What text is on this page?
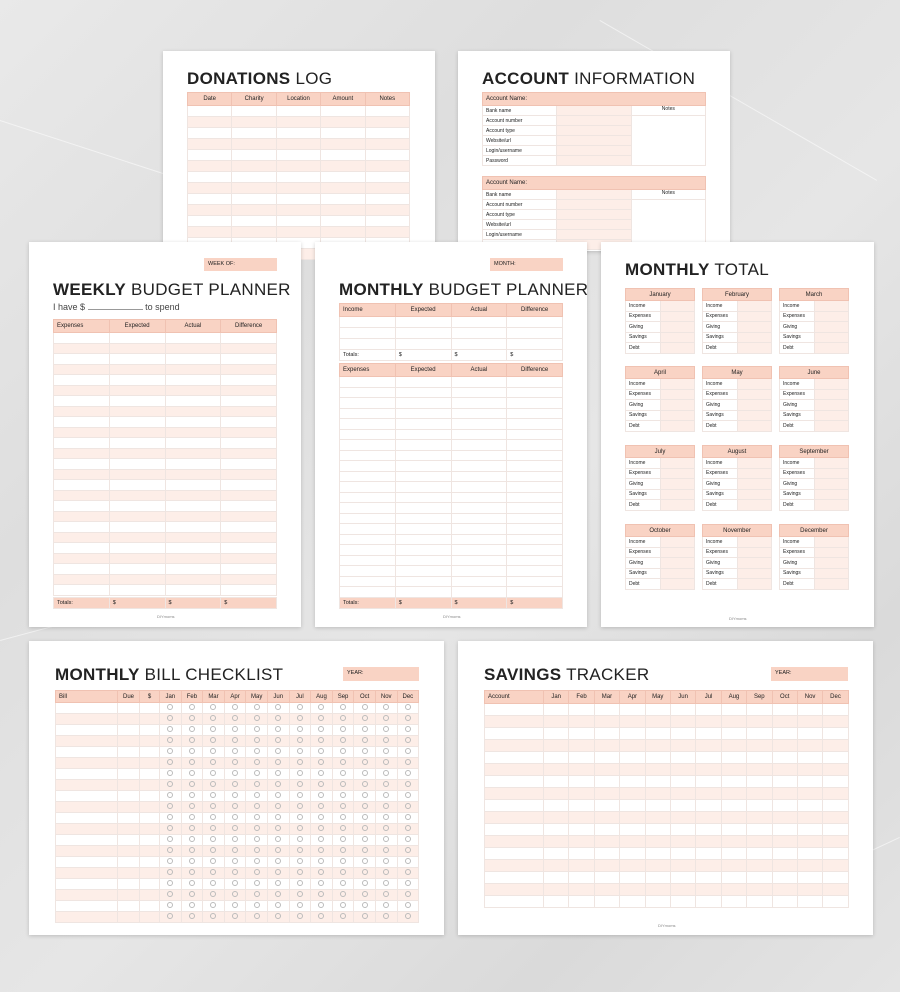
DONATIONS LOG
Date	Charity	Location	Amount	Notes

ACCOUNT INFORMATION
Account Name:		
Bank name		Notes
Account number		
Account type		
Website/url		
Login/username		
Password		
Account Name:		
Bank name		Notes
Account number		
Account type		
Website/url		
Login/username		

WEEK OF:
WEEKLY BUDGET PLANNER
I have $	to spend
Expenses	Expected	Actual	Difference

Totals:	$	$	$
DIYmoms
MONTH:
MONTHLY BUDGET PLANNER
Income	Expected	Actual	Difference

Totals:	$	$	$
Expenses	Expected	Actual	Difference

Totals:	$	$	$
DIYmoms
MONTHLY TOTAL
January	
Income	
Expenses	
Giving	
Savings	
Debt	
February	
Income	
Expenses	
Giving	
Savings	
Debt	
March	
Income	
Expenses	
Giving	
Savings	
Debt	
April	
Income	
Expenses	
Giving	
Savings	
Debt	
May	
Income	
Expenses	
Giving	
Savings	
Debt	
June	
Income	
Expenses	
Giving	
Savings	
Debt	
July	
Income	
Expenses	
Giving	
Savings	
Debt	
August	
Income	
Expenses	
Giving	
Savings	
Debt	
September	
Income	
Expenses	
Giving	
Savings	
Debt	
October	
Income	
Expenses	
Giving	
Savings	
Debt	
November	
Income	
Expenses	
Giving	
Savings	
Debt	
December	
Income	
Expenses	
Giving	
Savings	
Debt	
DIYmoms
MONTHLY BILL CHECKLIST	YEAR:
Bill	Due	$	Jan	Feb	Mar	Apr	May	Jun	Jul	Aug	Sep	Oct	Nov	Dec

SAVINGS TRACKER	YEAR:
Account	Jan	Feb	Mar	Apr	May	Jun	Jul	Aug	Sep	Oct	Nov	Dec

DIYmoms
